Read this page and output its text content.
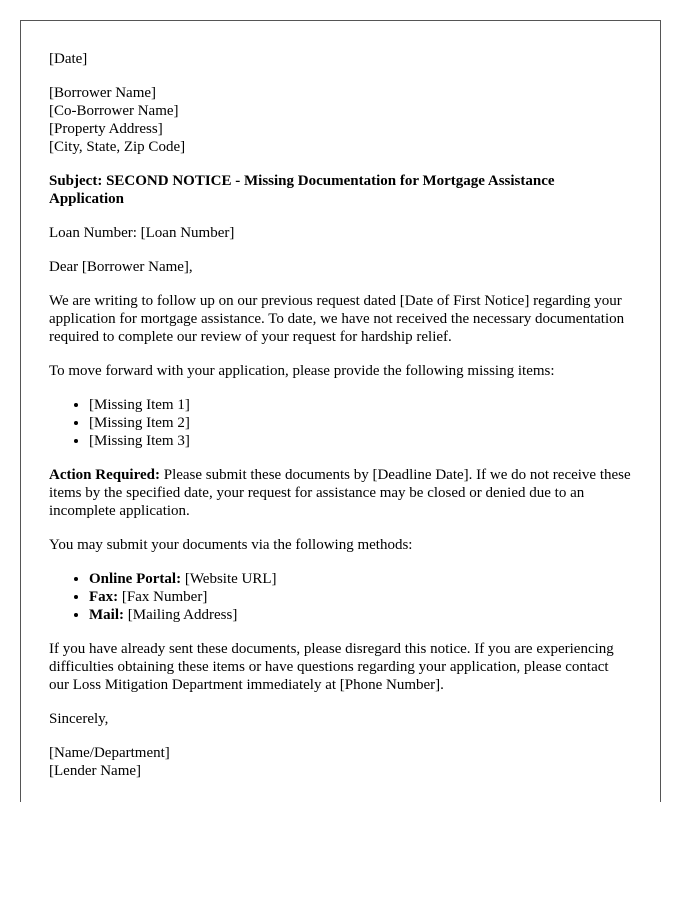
[Date]

[Borrower Name]
[Co-Borrower Name]
[Property Address]
[City, State, Zip Code]

Subject: SECOND NOTICE - Missing Documentation for Mortgage Assistance Application

Loan Number: [Loan Number]

Dear [Borrower Name],

We are writing to follow up on our previous request dated [Date of First Notice] regarding your application for mortgage assistance. To date, we have not received the necessary documentation required to complete our review of your request for hardship relief.

To move forward with your application, please provide the following missing items:

• [Missing Item 1]
• [Missing Item 2]
• [Missing Item 3]

Action Required: Please submit these documents by [Deadline Date]. If we do not receive these items by the specified date, your request for assistance may be closed or denied due to an incomplete application.

You may submit your documents via the following methods:

• Online Portal: [Website URL]
• Fax: [Fax Number]
• Mail: [Mailing Address]

If you have already sent these documents, please disregard this notice. If you are experiencing difficulties obtaining these items or have questions regarding your application, please contact our Loss Mitigation Department immediately at [Phone Number].

Sincerely,

[Name/Department]
[Lender Name]
